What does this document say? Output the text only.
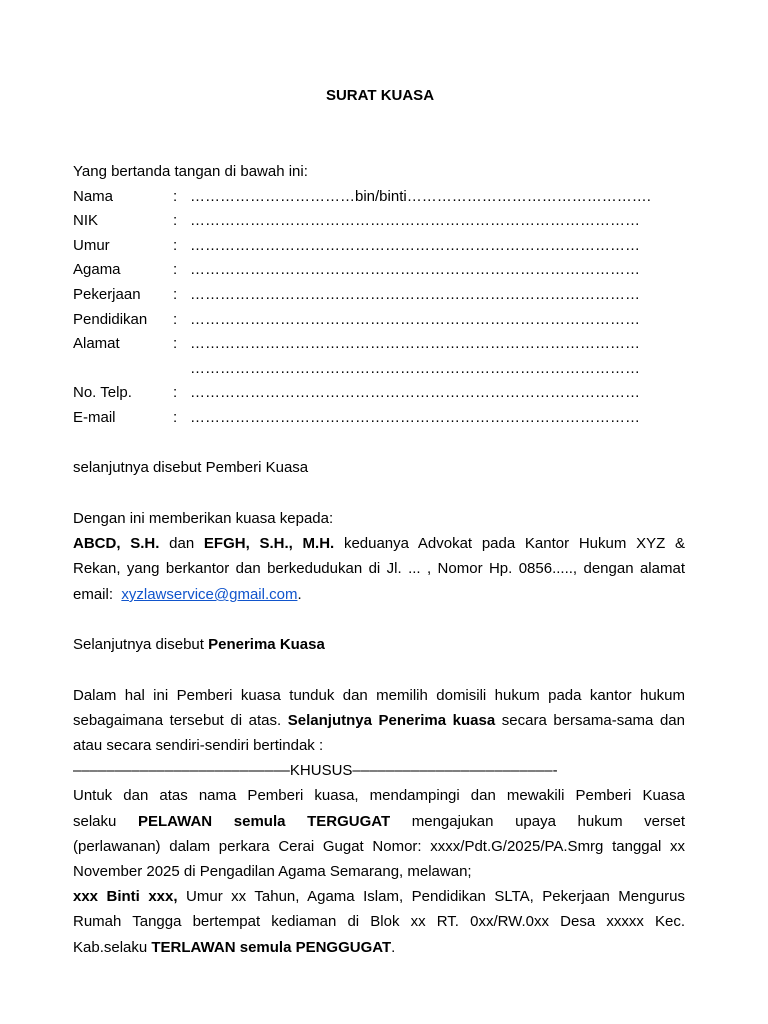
SURAT KUASA
Yang bertanda tangan di bawah ini:
Nama	: ……………………………bin/binti………………………………………….
NIK	: ………………………………………………………………………………
Umur	: ………………………………………………………………………………
Agama	: ………………………………………………………………………………
Pekerjaan : ………………………………………………………………………………
Pendidikan : ………………………………………………………………………………
Alamat	: ………………………………………………………………………………
………………………………………………………………………………
No. Telp.	: ………………………………………………………………………………
E-mail	: ………………………………………………………………………………
selanjutnya disebut Pemberi Kuasa
Dengan ini memberikan kuasa kepada:
ABCD, S.H. dan EFGH, S.H., M.H. keduanya Advokat pada Kantor Hukum XYZ &
Rekan, yang berkantor dan berkedudukan di Jl. ... , Nomor Hp. 0856....., dengan alamat
email: xyzlawservice@gmail.com.
Selanjutnya disebut Penerima Kuasa
Dalam hal ini Pemberi kuasa tunduk dan memilih domisili hukum pada kantor hukum
sebagaimana tersebut di atas. Selanjutnya Penerima kuasa secara bersama-sama dan
atau secara sendiri-sendiri bertindak :
––––––––––––––––––––––––––KHUSUS––––––––––––––––––––––––-
Untuk dan atas nama Pemberi kuasa, mendampingi dan mewakili Pemberi Kuasa
selaku PELAWAN semula TERGUGAT mengajukan upaya hukum verset
(perlawanan) dalam perkara Cerai Gugat Nomor: xxxx/Pdt.G/2025/PA.Smrg tanggal xx
November 2025 di Pengadilan Agama Semarang, melawan;
xxx Binti xxx, Umur xx Tahun, Agama Islam, Pendidikan SLTA, Pekerjaan Mengurus
Rumah Tangga bertempat kediaman di Blok xx RT. 0xx/RW.0xx Desa xxxxx Kec.
Kab.selaku TERLAWAN semula PENGGUGAT.
